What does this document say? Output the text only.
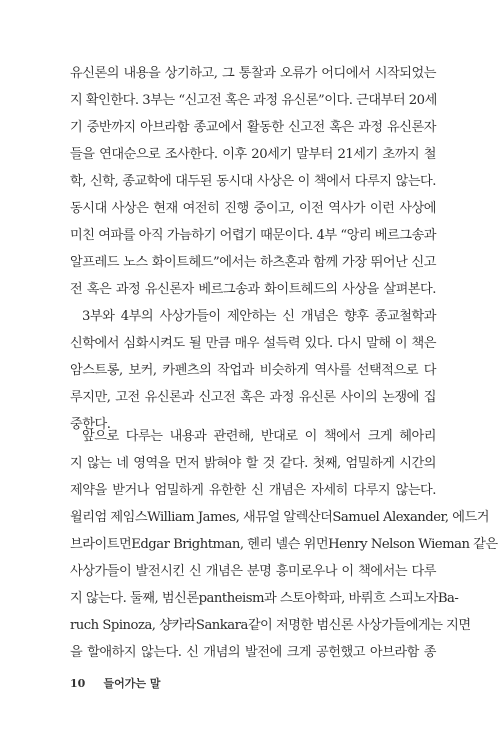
유신론의 내용을 상기하고, 그 통찰과 오류가 어디에서 시작되었는
지 확인한다. 3부는 “신고전 혹은 과정 유신론”이다. 근대부터 20세
기 중반까지 아브라함 종교에서 활동한 신고전 혹은 과정 유신론자
들을 연대순으로 조사한다. 이후 20세기 말부터 21세기 초까지 철
학, 신학, 종교학에 대두된 동시대 사상은 이 책에서 다루지 않는다.
동시대 사상은 현재 여전히 진행 중이고, 이전 역사가 이런 사상에
미친 여파를 아직 가늠하기 어렵기 때문이다. 4부 “앙리 베르그송과
알프레드 노스 화이트헤드”에서는 하츠혼과 함께 가장 뛰어난 신고
전 혹은 과정 유신론자 베르그송과 화이트헤드의 사상을 살펴본다.
3부와 4부의 사상가들이 제안하는 신 개념은 향후 종교철학과
신학에서 심화시켜도 될 만큼 매우 설득력 있다. 다시 말해 이 책은
암스트롱, 보커, 카펜츠의 작업과 비슷하게 역사를 선택적으로 다
루지만, 고전 유신론과 신고전 혹은 과정 유신론 사이의 논쟁에 집
중한다.
앞으로 다루는 내용과 관련해, 반대로 이 책에서 크게 헤아리
지 않는 네 영역을 먼저 밝혀야 할 것 같다. 첫째, 엄밀하게 시간의
제약을 받거나 엄밀하게 유한한 신 개념은 자세히 다루지 않는다.
윌리엄 제임스William James, 새뮤얼 알렉산더Samuel Alexander, 에드거
브라이트먼Edgar Brightman, 헨리 넬슨 위먼Henry Nelson Wieman 같은
사상가들이 발전시킨 신 개념은 분명 흥미로우나 이 책에서는 다루
지 않는다. 둘째, 범신론pantheism과 스토아학파, 바뤼흐 스피노자Ba-
ruch Spinoza, 샹카라Sankara같이 저명한 범신론 사상가들에게는 지면
을 할애하지 않는다. 신 개념의 발전에 크게 공헌했고 아브라함 종
10 들어가는 말
